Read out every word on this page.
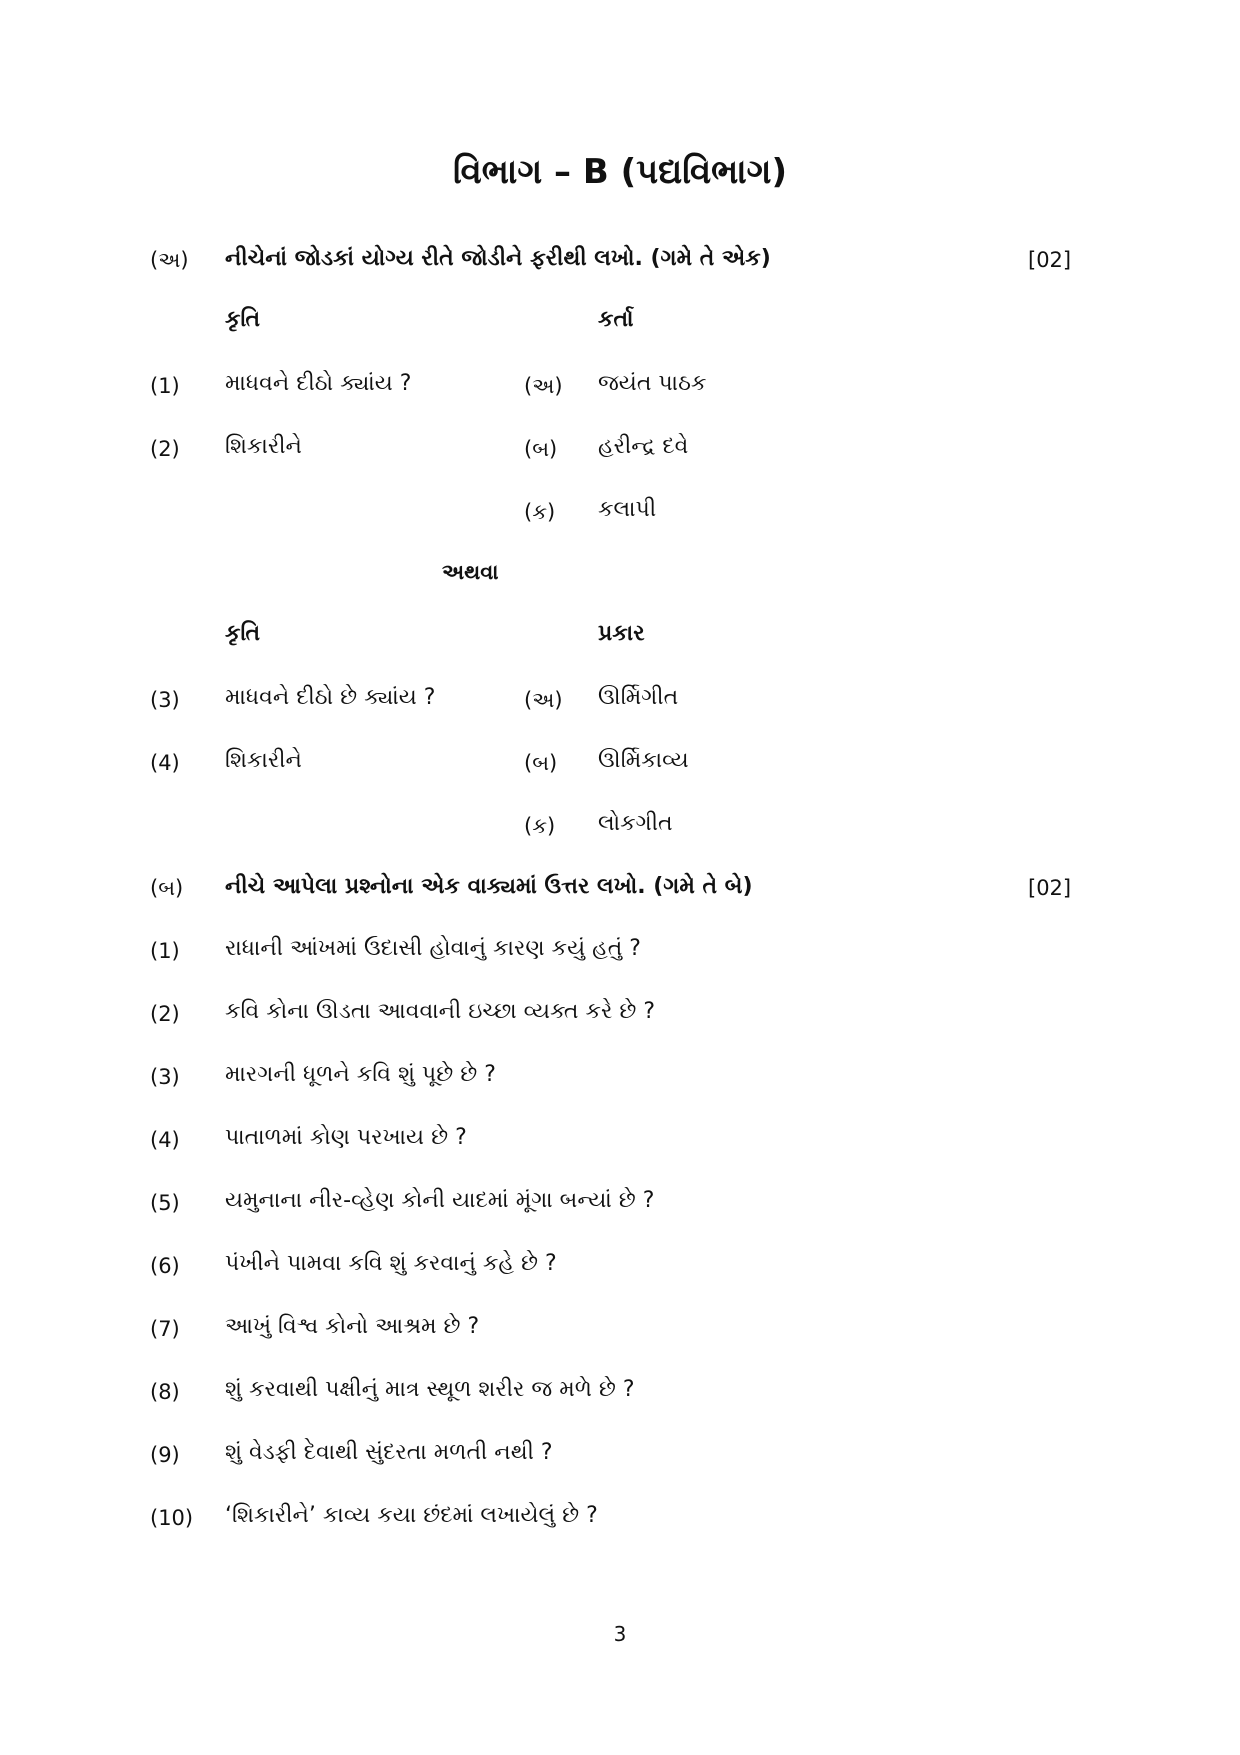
વિભાગ – B (પદ્યવિભાગ)
(અ) નીચેનાં જોડકાં યોગ્ય રીતે જોડીને ફરીથી લખો. (ગમે તે એક)	[02]
કૃતિ	કર્તા
(1) માધવને દીઠો ક્યાંય ?	(અ) જયંત પાઠક
(2) શિકારીને	(બ) હરીન્દ્ર દવે
(ક) કલાપી
અથવા
કૃતિ	પ્રકાર
(3) માધવને દીઠો છે ક્યાંય ?	(અ) ઊર્મિગીત
(4) શિકારીને	(બ) ઊર્મિકાવ્ય
(ક) લોકગીત
(બ) નીચે આપેલા પ્રશ્નોના એક વાક્યમાં ઉત્તર લખો. (ગમે તે બે)	[02]
(1) રાધાની આંખમાં ઉદાસી હોવાનું કારણ કયું હતું ?
(2) કવિ કોના ઊડતા આવવાની ઇચ્છા વ્યક્ત કરે છે ?
(3) મારગની ધૂળને કવિ શું પૂછે છે ?
(4) પાતાળમાં કોણ પરખાય છે ?
(5) યમુનાના નીર-વ્હેણ કોની યાદમાં મૂંગા બન્યાં છે ?
(6) પંખીને પામવા કવિ શું કરવાનું કહે છે ?
(7) આખું વિશ્વ કોનો આશ્રમ છે ?
(8) શું કરવાથી પક્ષીનું માત્ર સ્થૂળ શરીર જ મળે છે ?
(9) શું વેડફી દેવાથી સુંદરતા મળતી નથી ?
(10) ‘શિકારીને’ કાવ્ય કયા છંદમાં લખાયેલું છે ?
3
